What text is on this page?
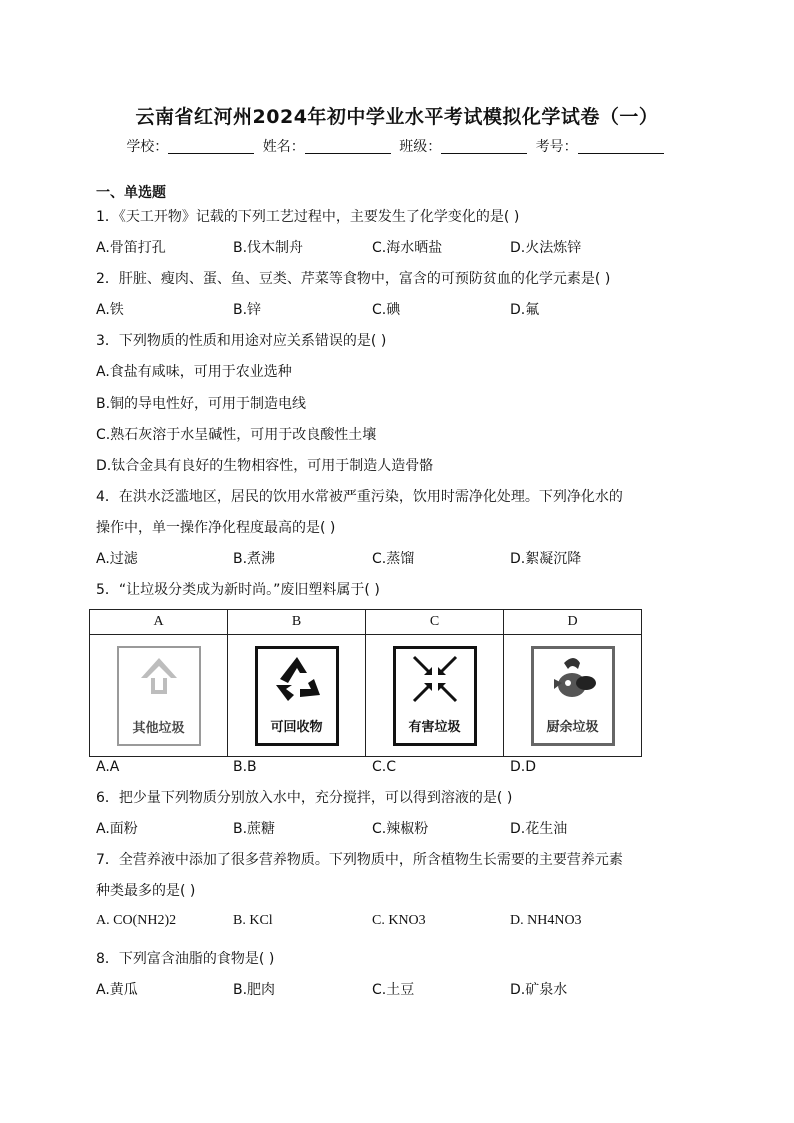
云南省红河州2024年初中学业水平考试模拟化学试卷（一）
学校：	姓名：	班级：	考号：
一、单选题
1．《天工开物》记载的下列工艺过程中，主要发生了化学变化的是( )
A.骨笛打孔	B.伐木制舟	C.海水晒盐	D.火法炼锌
2．肝脏、瘦肉、蛋、鱼、豆类、芹菜等食物中，富含的可预防贫血的化学元素是( )
A.铁	B.锌	C.碘	D.氟
3．下列物质的性质和用途对应关系错误的是( )
A.食盐有咸味，可用于农业选种
B.铜的导电性好，可用于制造电线
C.熟石灰溶于水呈碱性，可用于改良酸性土壤
D.钛合金具有良好的生物相容性，可用于制造人造骨骼
4．在洪水泛滥地区，居民的饮用水常被严重污染，饮用时需净化处理。下列净化水的
操作中，单一操作净化程度最高的是( )
A.过滤	B.煮沸	C.蒸馏	D.絮凝沉降
5．“让垃圾分类成为新时尚。”废旧塑料属于( )
A	B	C	D

其他垃圾	可回收物	有害垃圾	厨余垃圾
A.A	B.B	C.C	D.D
6．把少量下列物质分别放入水中，充分搅拌，可以得到溶液的是( )
A.面粉	B.蔗糖	C.辣椒粉	D.花生油
7．全营养液中添加了很多营养物质。下列物质中，所含植物生长需要的主要营养元素
种类最多的是( )
A. CO(NH2)2	B. KCl	C. KNO3	D. NH4NO3
8．下列富含油脂的食物是( )
A.黄瓜	B.肥肉	C.土豆	D.矿泉水
